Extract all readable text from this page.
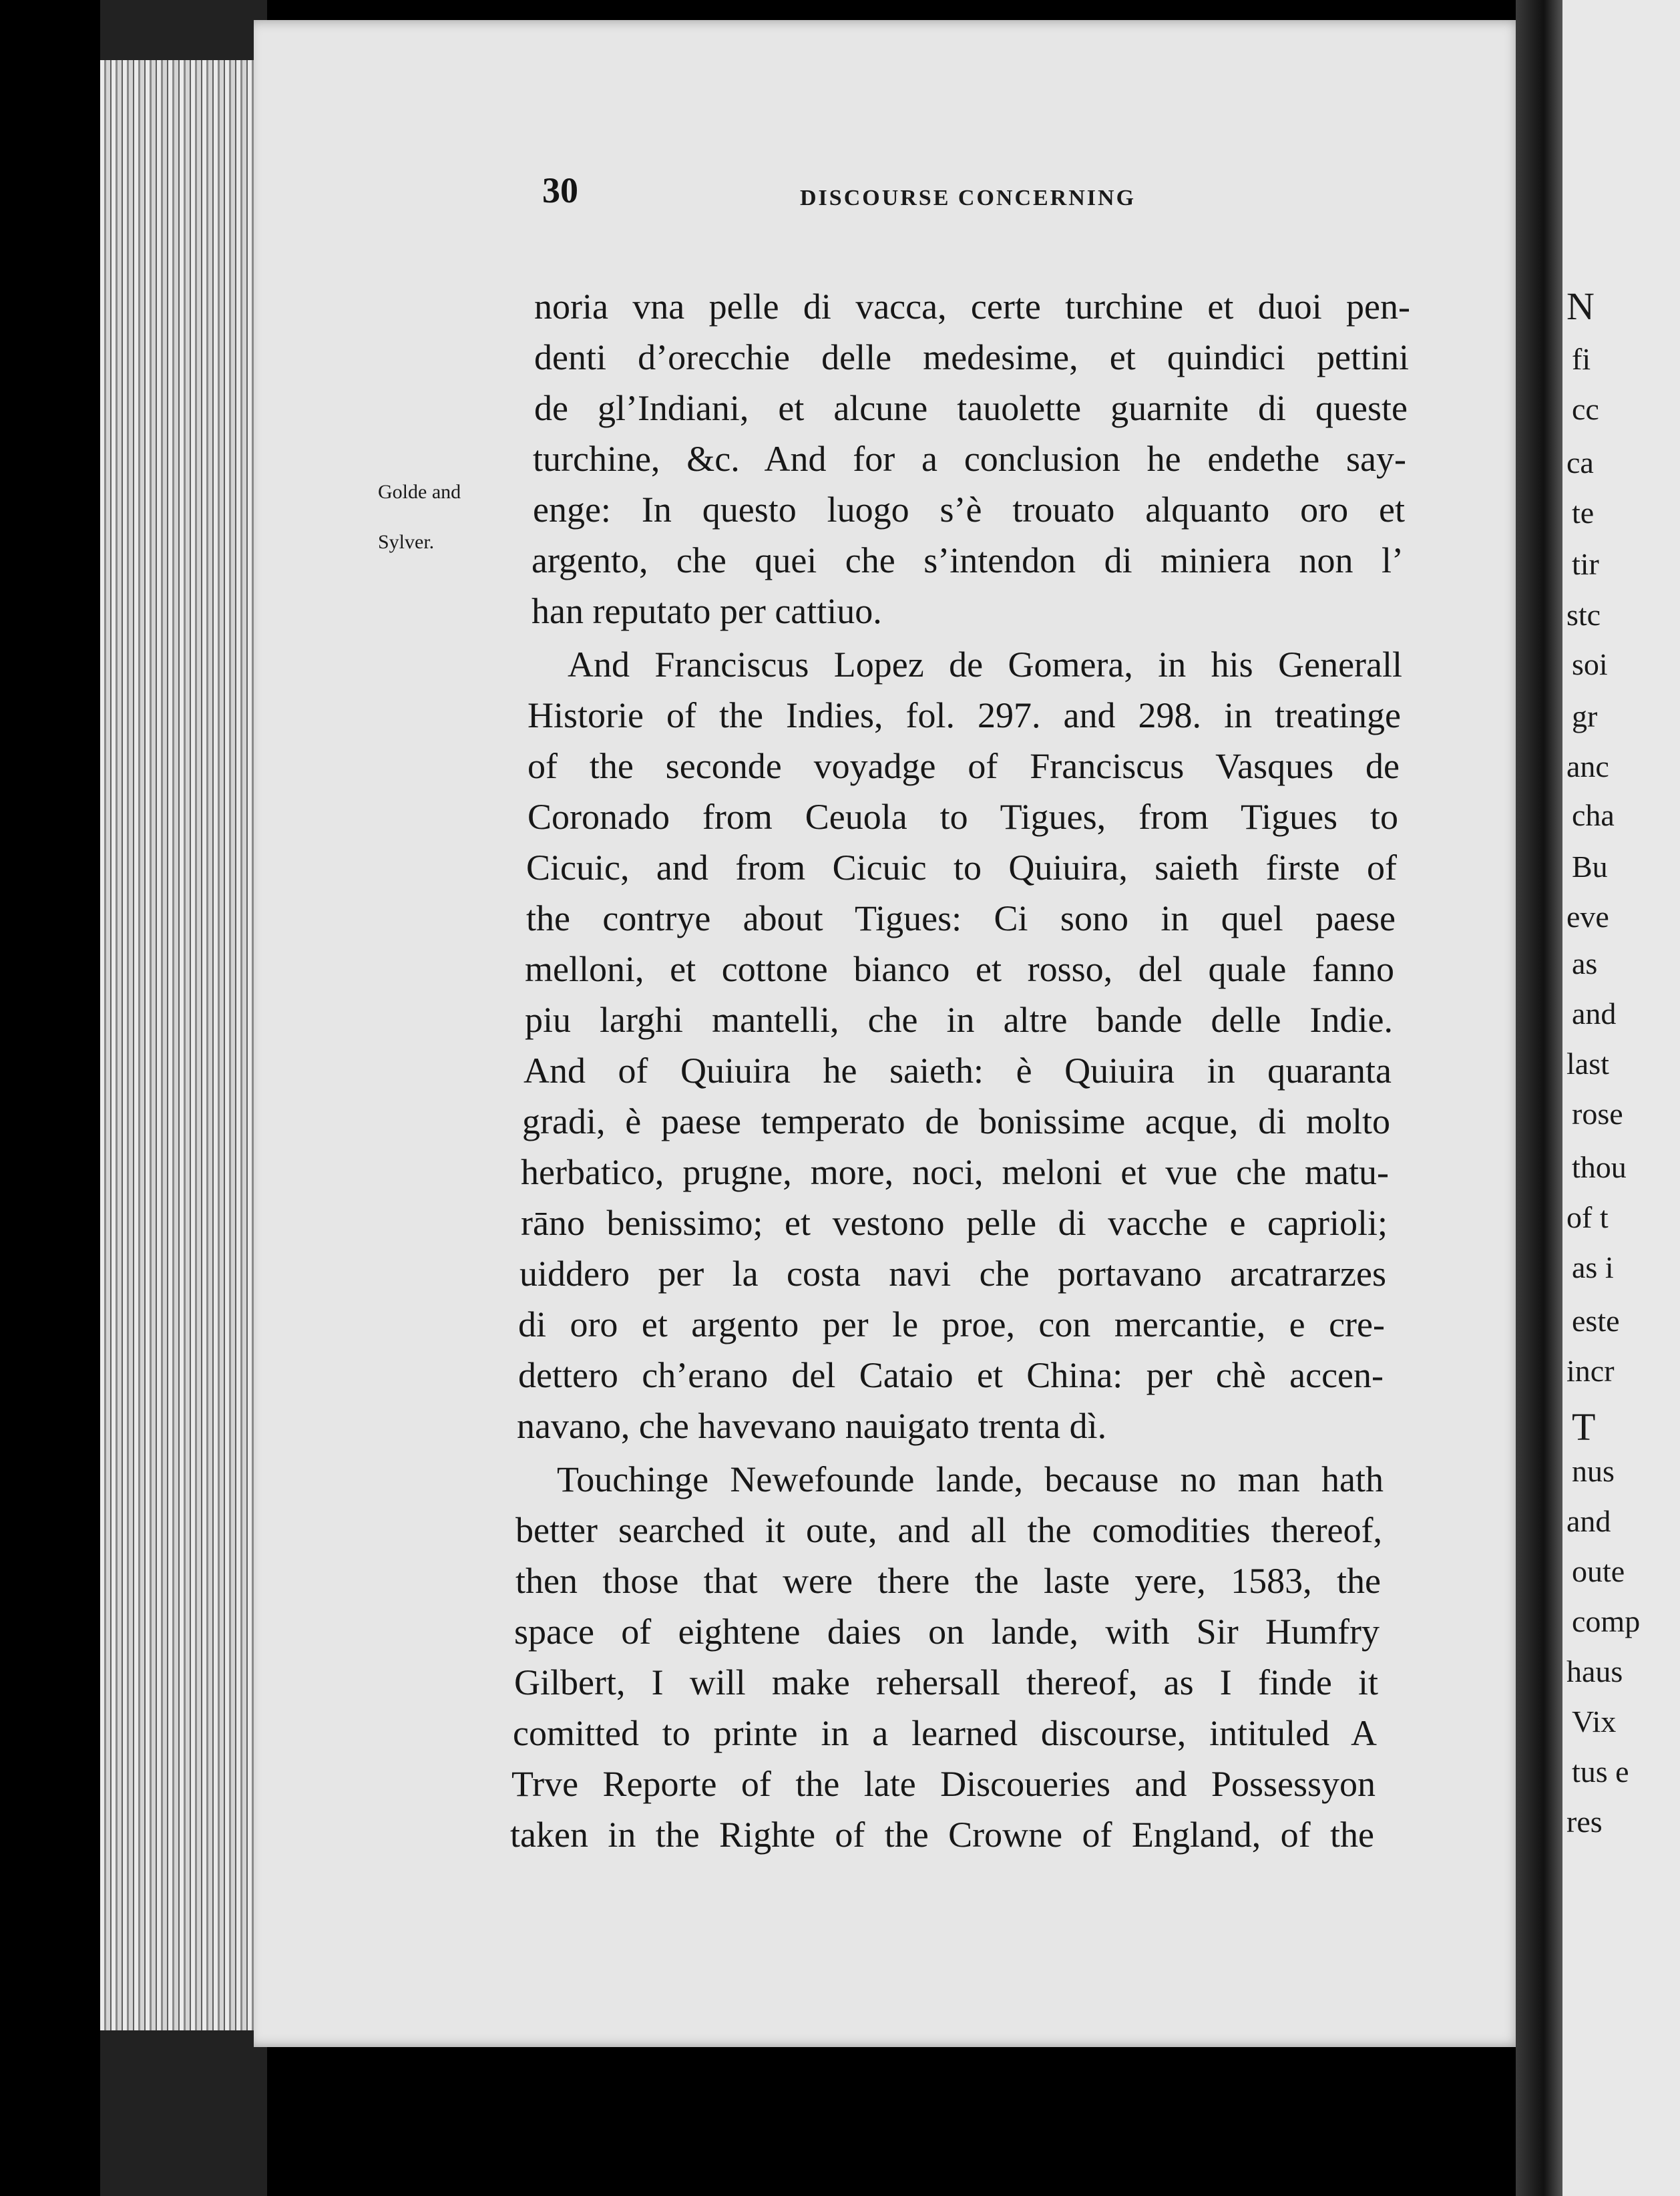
30	DISCOURSE CONCERNING
Golde and
Sylver.
noria vna pelle di vacca, certe turchine et duoi pen-
denti d’orecchie delle medesime, et quindici pettini
de gl’Indiani, et alcune tauolette guarnite di queste
turchine, &c. And for a conclusion he endethe say-
enge: In questo luogo s’è trouato alquanto oro et
argento, che quei che s’intendon di miniera non l’
han reputato per cattiuo.
And Franciscus Lopez de Gomera, in his Generall
Historie of the Indies, fol. 297. and 298. in treatinge
of the seconde voyadge of Franciscus Vasques de
Coronado from Ceuola to Tigues, from Tigues to
Cicuic, and from Cicuic to Quiuira, saieth firste of
the contrye about Tigues: Ci sono in quel paese
melloni, et cottone bianco et rosso, del quale fanno
piu larghi mantelli, che in altre bande delle Indie.
And of Quiuira he saieth: è Quiuira in quaranta
gradi, è paese temperato de bonissime acque, di molto
herbatico, prugne, more, noci, meloni et vue che matu-
rāno benissimo; et vestono pelle di vacche e caprioli;
uiddero per la costa navi che portavano arcatrarzes
di oro et argento per le proe, con mercantie, e cre-
dettero ch’erano del Cataio et China: per chè accen-
navano, che havevano nauigato trenta dì.
Touchinge Newefounde lande, because no man hath
better searched it oute, and all the comodities thereof,
then those that were there the laste yere, 1583, the
space of eightene daies on lande, with Sir Humfry
Gilbert, I will make rehersall thereof, as I finde it
comitted to printe in a learned discourse, intituled A
Trve Reporte of the late Discoueries and Possessyon
taken in the Righte of the Crowne of England, of the
N
fi
cc
ca
te
tir
stc
soi
gr
anc
cha
Bu
eve
as
and
last
rose
thou
of t
as i
este
incr
T
nus
and
oute
comp
haus
Vix
tus e
res
